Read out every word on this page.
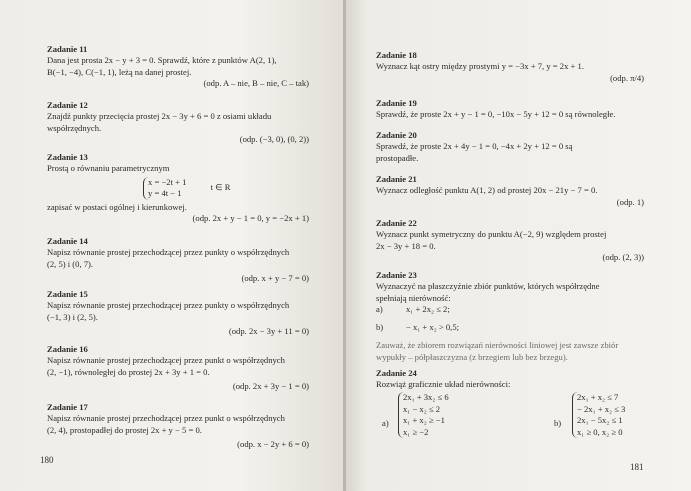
Zadanie 11
Dana jest prosta 2x − y + 3 = 0. Sprawdź, które z punktów A(2, 1),
B(−1, −4), C(−1, 1), leżą na danej prostej.
(odp. A – nie, B – nie, C – tak)
Zadanie 12
Znajdź punkty przecięcia prostej 2x − 3y + 6 = 0 z osiami układu
współrzędnych.
(odp. (−3, 0), (0, 2))
Zadanie 13
Prostą o równaniu parametrycznym
x = −2t + 1
y = 4t − 1
t ∈ R
zapisać w postaci ogólnej i kierunkowej.
(odp. 2x + y − 1 = 0, y = −2x + 1)
Zadanie 14
Napisz równanie prostej przechodzącej przez punkty o współrzędnych
(2, 5) i (0, 7).
(odp. x + y − 7 = 0)
Zadanie 15
Napisz równanie prostej przechodzącej przez punkty o współrzędnych
(−1, 3) i (2, 5).
(odp. 2x − 3y + 11 = 0)
Zadanie 16
Napisz równanie prostej przechodzącej przez punkt o współrzędnych
(2, −1), równoległej do prostej 2x + 3y + 1 = 0.
(odp. 2x + 3y − 1 = 0)
Zadanie 17
Napisz równanie prostej przechodzącej przez punkt o współrzędnych
(2, 4), prostopadłej do prostej 2x + y − 5 = 0.
(odp. x − 2y + 6 = 0)
180
Zadanie 18
Wyznacz kąt ostry między prostymi y = −3x + 7, y = 2x + 1.
(odp. π/4)
Zadanie 19
Sprawdź, że proste 2x + y − 1 = 0, −10x − 5y + 12 = 0 są równoległe.
Zadanie 20
Sprawdź, że proste 2x + 4y − 1 = 0, −4x + 2y + 12 = 0 są
prostopadłe.
Zadanie 21
Wyznacz odległość punktu A(1, 2) od prostej 20x − 21y − 7 = 0.
(odp. 1)
Zadanie 22
Wyznacz punkt symetryczny do punktu A(−2, 9) względem prostej
2x − 3y + 18 = 0.
(odp. (2, 3))
Zadanie 23
Wyznaczyć na płaszczyźnie zbiór punktów, których współrzędne
spełniają nierówność:
a)	x₁ + 2x₂ ≤ 2;
b)	− x₁ + x₂ > 0,5;
Zauważ, że zbiorem rozwiązań nierówności liniowej jest zawsze zbiór
wypukły – półpłaszczyzna (z brzegiem lub bez brzegu).
Zadanie 24
Rozwiąż graficznie układ nierówności:
a)
2x₁ + 3x₂ ≤ 6
x₁ − x₂ ≤ 2
x₁ + x₂ ≥ −1
x₁ ≥ −2
b)
2x₁ + x₂ ≤ 7
− 2x₁ + x₂ ≤ 3
2x₁ − 5x₂ ≤ 1
x₁ ≥ 0, x₂ ≥ 0
181
